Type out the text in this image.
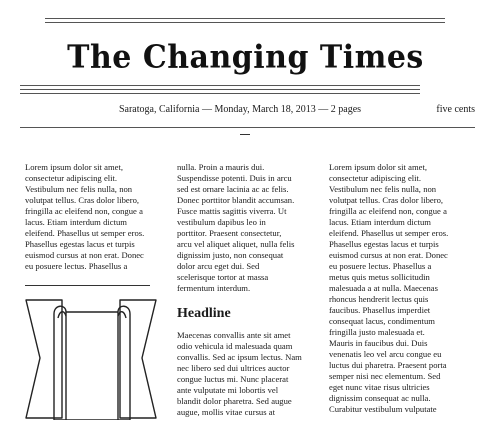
The Changing Times
Saratoga, California — Monday, March 18, 2013 — 2 pages	five cents
Lorem ipsum dolor sit amet,
consectetur adipiscing elit.
Vestibulum nec felis nulla, non
volutpat tellus. Cras dolor libero,
fringilla ac eleifend non, congue a
lacus. Etiam interdum dictum
eleifend. Phasellus ut semper eros.
Phasellus egestas lacus et turpis
euismod cursus at non erat. Donec
eu posuere lectus. Phasellus a
nulla. Proin a mauris dui.
Suspendisse potenti. Duis in arcu
sed est ornare lacinia ac ac felis.
Donec porttitor blandit accumsan.
Fusce mattis sagittis viverra. Ut
vestibulum dapibus leo in
porttitor. Praesent consectetur,
arcu vel aliquet aliquet, nulla felis
dignissim justo, non consequat
dolor arcu eget dui. Sed
scelerisque tortor at massa
fermentum interdum.
Headline
Maecenas convallis ante sit amet
odio vehicula id malesuada quam
convallis. Sed ac ipsum lectus. Nam
nec libero sed dui ultrices auctor
congue luctus mi. Nunc placerat
ante vulputate mi lobortis vel
blandit dolor pharetra. Sed augue
augue, mollis vitae cursus at
Lorem ipsum dolor sit amet,
consectetur adipiscing elit.
Vestibulum nec felis nulla, non
volutpat tellus. Cras dolor libero,
fringilla ac eleifend non, congue a
lacus. Etiam interdum dictum
eleifend. Phasellus ut semper eros.
Phasellus egestas lacus et turpis
euismod cursus at non erat. Donec
eu posuere lectus. Phasellus a
metus quis metus sollicitudin
malesuada a at nulla. Maecenas
rhoncus hendrerit lectus quis
faucibus. Phasellus imperdiet
consequat lacus, condimentum
fringilla justo malesuada et.
Mauris in faucibus dui. Duis
venenatis leo vel arcu congue eu
luctus dui pharetra. Praesent porta
semper nisi nec elementum. Sed
eget nunc vitae risus ultricies
dignissim consequat ac nulla.
Curabitur vestibulum vulputate
